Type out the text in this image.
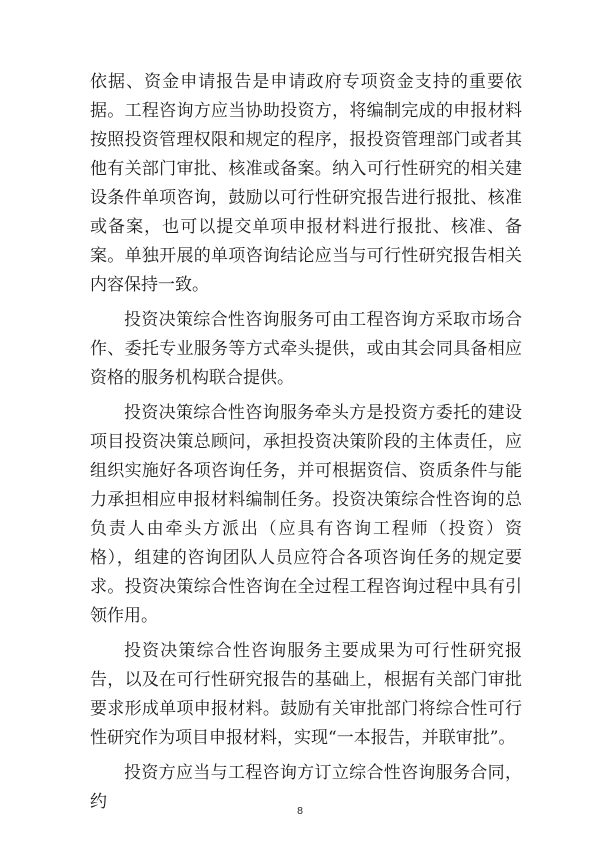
依据、资金申请报告是申请政府专项资金支持的重要依据。工程咨询方应当协助投资方，将编制完成的申报材料按照投资管理权限和规定的程序，报投资管理部门或者其他有关部门审批、核准或备案。纳入可行性研究的相关建设条件单项咨询，鼓励以可行性研究报告进行报批、核准或备案，也可以提交单项申报材料进行报批、核准、备案。单独开展的单项咨询结论应当与可行性研究报告相关内容保持一致。

投资决策综合性咨询服务可由工程咨询方采取市场合作、委托专业服务等方式牵头提供，或由其会同具备相应资格的服务机构联合提供。

投资决策综合性咨询服务牵头方是投资方委托的建设项目投资决策总顾问，承担投资决策阶段的主体责任，应组织实施好各项咨询任务，并可根据资信、资质条件与能力承担相应申报材料编制任务。投资决策综合性咨询的总负责人由牵头方派出（应具有咨询工程师（投资）资格），组建的咨询团队人员应符合各项咨询任务的规定要求。投资决策综合性咨询在全过程工程咨询过程中具有引领作用。

投资决策综合性咨询服务主要成果为可行性研究报告，以及在可行性研究报告的基础上，根据有关部门审批要求形成单项申报材料。鼓励有关审批部门将综合性可行性研究作为项目申报材料，实现“一本报告，并联审批”。

投资方应当与工程咨询方订立综合性咨询服务合同，约	8
